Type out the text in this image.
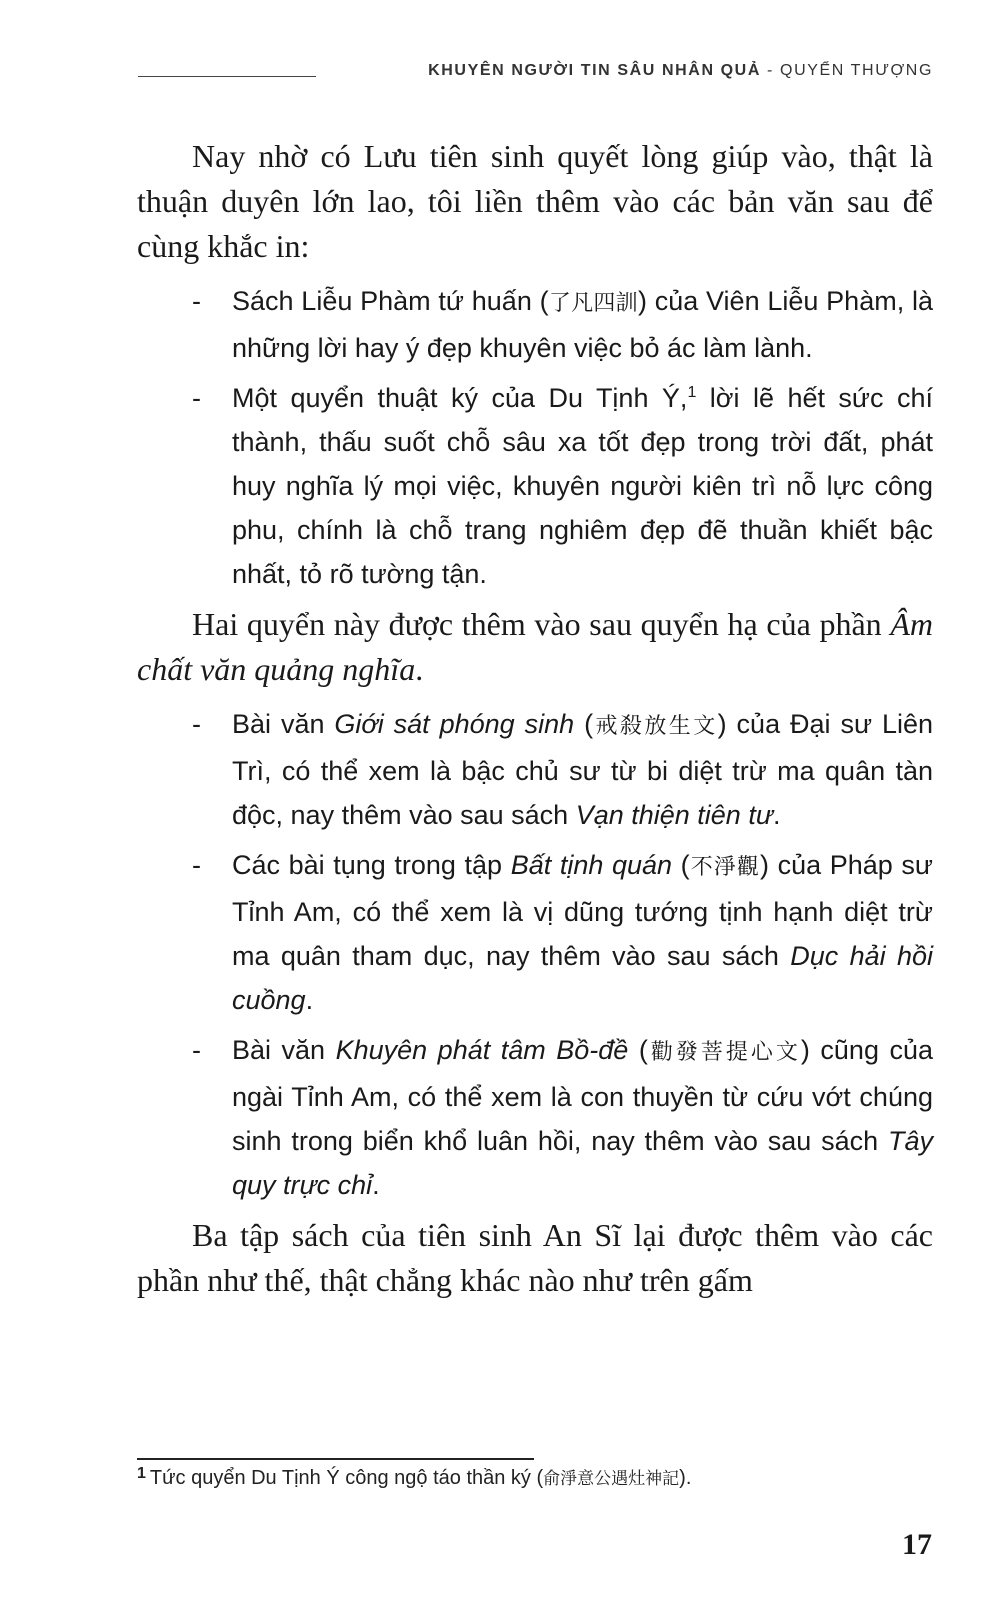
KHUYÊN NGƯỜI TIN SÂU NHÂN QUẢ - QUYỂN THƯỢNG

Nay nhờ có Lưu tiên sinh quyết lòng giúp vào, thật là thuận duyên lớn lao, tôi liền thêm vào các bản văn sau để cùng khắc in:

- Sách Liễu Phàm tứ huấn (了凡四訓) của Viên Liễu Phàm, là những lời hay ý đẹp khuyên việc bỏ ác làm lành.
- Một quyển thuật ký của Du Tịnh Ý,$^1$ lời lẽ hết sức chí thành, thấu suốt chỗ sâu xa tốt đẹp trong trời đất, phát huy nghĩa lý mọi việc, khuyên người kiên trì nỗ lực công phu, chính là chỗ trang nghiêm đẹp đẽ thuần khiết bậc nhất, tỏ rõ tường tận.

Hai quyển này được thêm vào sau quyển hạ của phần Âm chất văn quảng nghĩa.

- Bài văn Giới sát phóng sinh (戒殺放生文) của Đại sư Liên Trì, có thể xem là bậc chủ sư từ bi diệt trừ ma quân tàn độc, nay thêm vào sau sách Vạn thiện tiên tư.
- Các bài tụng trong tập Bất tịnh quán (不淨觀) của Pháp sư Tỉnh Am, có thể xem là vị dũng tướng tịnh hạnh diệt trừ ma quân tham dục, nay thêm vào sau sách Dục hải hồi cuồng.
- Bài văn Khuyên phát tâm Bồ-đề (勸發菩提心文) cũng của ngài Tỉnh Am, có thể xem là con thuyền từ cứu vớt chúng sinh trong biển khổ luân hồi, nay thêm vào sau sách Tây quy trực chỉ.

Ba tập sách của tiên sinh An Sĩ lại được thêm vào các phần như thế, thật chẳng khác nào như trên gấm

$^1$ Tức quyển Du Tịnh Ý công ngộ táo thần ký (俞淨意公遇灶神記).
17
